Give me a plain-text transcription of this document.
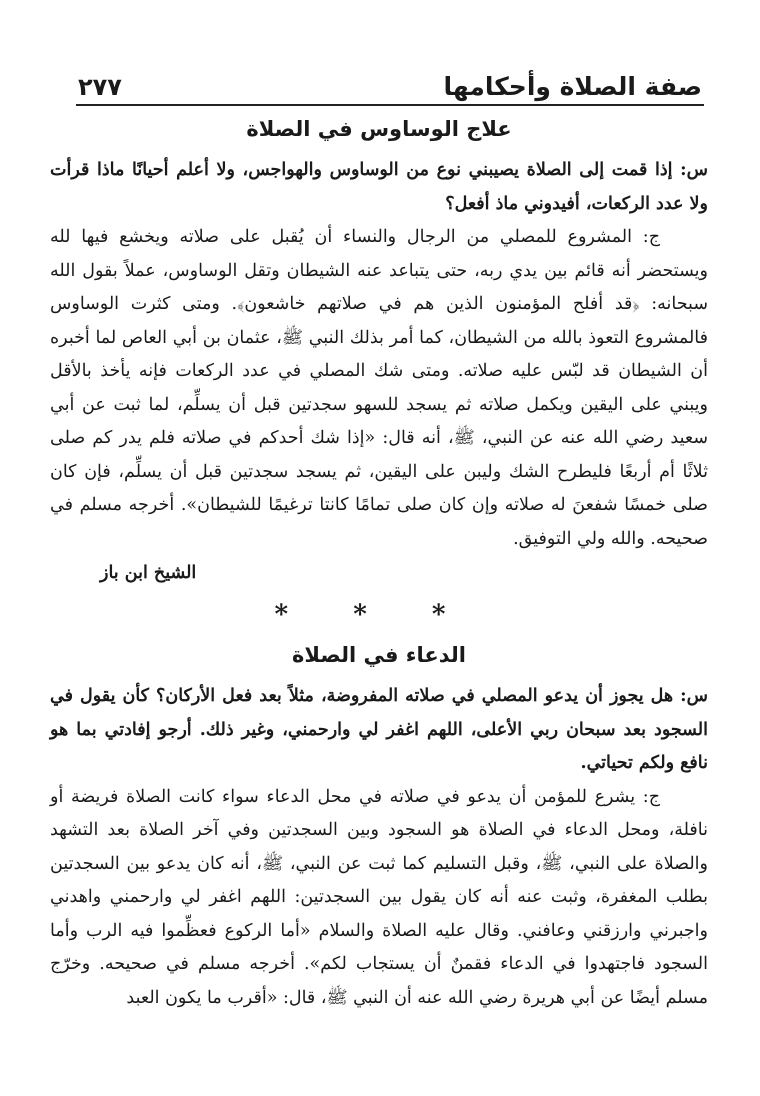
صفة الصلاة وأحكامها
٢٧٧
علاج الوساوس في الصلاة

س: إذا قمت إلى الصلاة يصيبني نوع من الوساوس والهواجس، ولا أعلم أحيانًا ماذا قرأت ولا عدد الركعات، أفيدوني ماذ أفعل؟

ج: المشروع للمصلي من الرجال والنساء أن يُقبل على صلاته ويخشع فيها لله ويستحضر أنه قائم بين يدي ربه، حتى يتباعد عنه الشيطان وتقل الوساوس، عملاً بقول الله سبحانه: ﴿قد أفلح المؤمنون الذين هم في صلاتهم خاشعون﴾. ومتى كثرت الوساوس فالمشروع التعوذ بالله من الشيطان، كما أمر بذلك النبي ﷺ، عثمان بن أبي العاص لما أخبره أن الشيطان قد لبّس عليه صلاته. ومتى شك المصلي في عدد الركعات فإنه يأخذ بالأقل ويبني على اليقين ويكمل صلاته ثم يسجد للسهو سجدتين قبل أن يسلِّم، لما ثبت عن أبي سعيد رضي الله عنه عن النبي، ﷺ، أنه قال: «إذا شك أحدكم في صلاته فلم يدر كم صلى ثلاثًا أم أربعًا فليطرح الشك وليبن على اليقين، ثم يسجد سجدتين قبل أن يسلِّم، فإن كان صلى خمسًا شفعنَ له صلاته وإن كان صلى تمامًا كانتا ترغيمًا للشيطان». أخرجه مسلم في صحيحه. والله ولي التوفيق.

الشيخ ابن باز
* * *
الدعاء في الصلاة

س: هل يجوز أن يدعو المصلي في صلاته المفروضة، مثلاً بعد فعل الأركان؟ كأن يقول في السجود بعد سبحان ربي الأعلى، اللهم اغفر لي وارحمني، وغير ذلك. أرجو إفادتي بما هو نافع ولكم تحياتي.

ج: يشرع للمؤمن أن يدعو في صلاته في محل الدعاء سواء كانت الصلاة فريضة أو نافلة، ومحل الدعاء في الصلاة هو السجود وبين السجدتين وفي آخر الصلاة بعد التشهد والصلاة على النبي، ﷺ، وقبل التسليم كما ثبت عن النبي، ﷺ، أنه كان يدعو بين السجدتين بطلب المغفرة، وثبت عنه أنه كان يقول بين السجدتين: اللهم اغفر لي وارحمني واهدني واجبرني وارزقني وعافني. وقال عليه الصلاة والسلام «أما الركوع فعظِّموا فيه الرب وأما السجود فاجتهدوا في الدعاء فقمنٌ أن يستجاب لكم». أخرجه مسلم في صحيحه. وخرّج مسلم أيضًا عن أبي هريرة رضي الله عنه أن النبي ﷺ، قال: «أقرب ما يكون العبد
